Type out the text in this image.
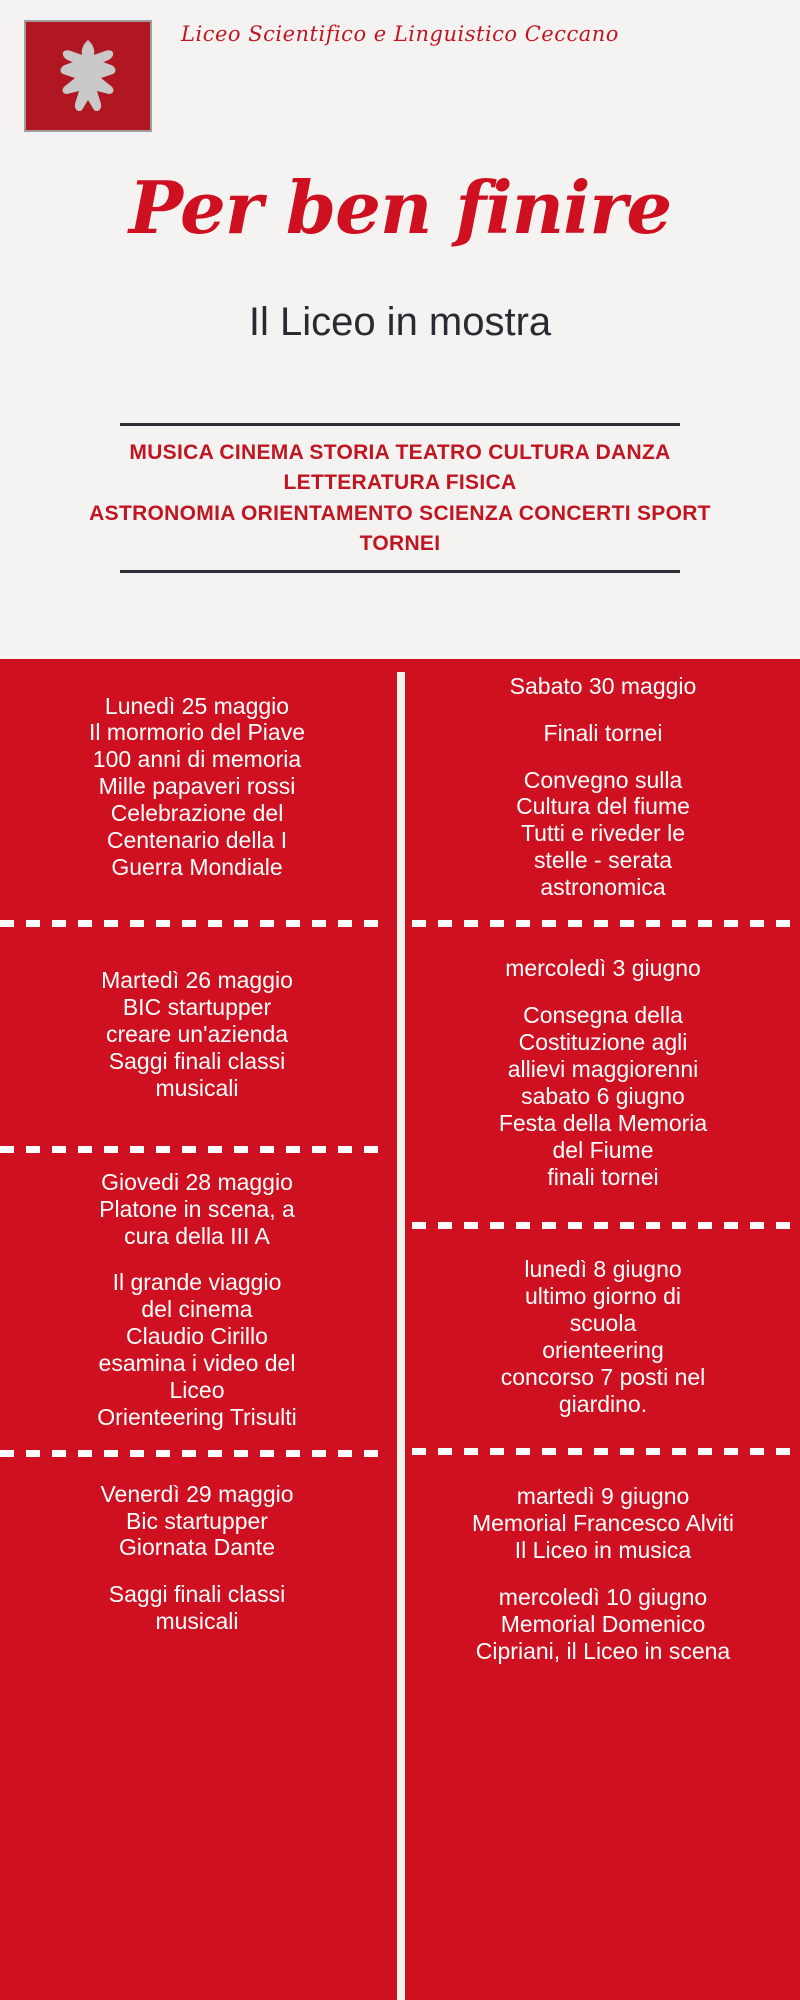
Liceo Scientifico e Linguistico Ceccano
Per ben finire
Il Liceo in mostra
MUSICA CINEMA STORIA TEATRO CULTURA DANZA LETTERATURA FISICA
ASTRONOMIA ORIENTAMENTO SCIENZA CONCERTI SPORT TORNEI

Lunedì 25 maggio

Il mormorio del Piave

100 anni di memoria

Mille papaveri rossi

Celebrazione del

Centenario della I

Guerra Mondiale

Martedì 26 maggio

BIC startupper

creare un'azienda

Saggi finali classi

musicali

Giovedi 28 maggio

Platone in scena, a

cura della III A

Il grande viaggio

del cinema

Claudio Cirillo

esamina i video del

Liceo

Orienteering Trisulti

Venerdì 29 maggio

Bic startupper

Giornata Dante

Saggi finali classi

musicali

Sabato 30 maggio

Finali tornei

Convegno sulla

Cultura del fiume

Tutti e riveder le

stelle - serata

astronomica

mercoledì 3 giugno

Consegna della

Costituzione agli

allievi maggiorenni

sabato 6 giugno

Festa della Memoria

del Fiume

finali tornei

lunedì 8 giugno

ultimo giorno di

scuola

orienteering

concorso 7 posti nel

giardino.

martedì 9 giugno

Memorial Francesco Alviti

Il Liceo in musica

mercoledì 10 giugno

Memorial Domenico

Cipriani, il Liceo in scena
